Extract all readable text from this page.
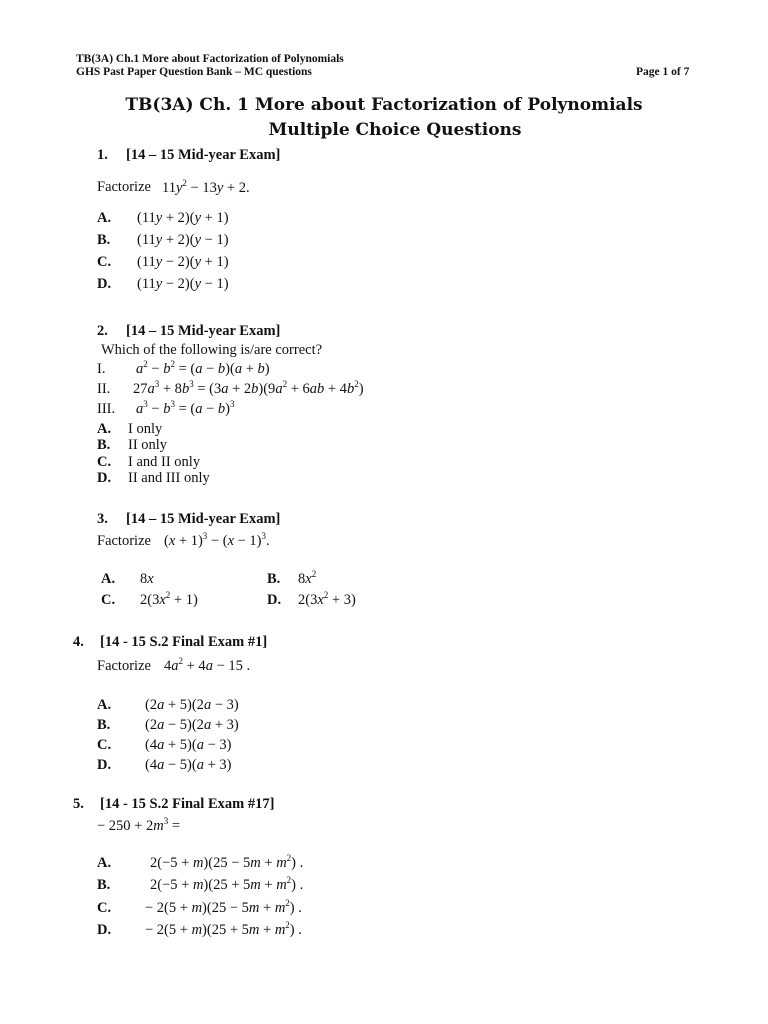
TB(3A) Ch.1 More about Factorization of Polynomials
GHS Past Paper Question Bank – MC questions	Page 1 of 7
TB(3A) Ch. 1 More about Factorization of Polynomials
Multiple Choice Questions
1. [14 – 15 Mid-year Exam]
Factorize $11y^2 - 13y + 2$.
A. (11y + 2)(y + 1)
B. (11y + 2)(y − 1)
C. (11y − 2)(y + 1)
D. (11y − 2)(y − 1)
2. [14 – 15 Mid-year Exam]
Which of the following is/are correct?
I. $a^2 - b^2 = (a - b)(a + b)$
II. $27a^3 + 8b^3 = (3a + 2b)(9a^2 + 6ab + 4b^2)$
III. $a^3 - b^3 = (a - b)^3$
A. I only
B. II only
C. I and II only
D. II and III only
3. [14 – 15 Mid-year Exam]
Factorize $(x + 1)^3 - (x - 1)^3$.
A. 8x	B. $8x^2$
C. $2(3x^2 + 1)$	D. $2(3x^2 + 3)$
4. [14 - 15 S.2 Final Exam #1]
Factorize $4a^2 + 4a - 15$ .
A. (2a + 5)(2a − 3)
B. (2a − 5)(2a + 3)
C. (4a + 5)(a − 3)
D. (4a − 5)(a + 3)
5. [14 - 15 S.2 Final Exam #17]
− $250 + 2m^3$ =
A.	$2(-5 + m)(25 - 5m + m^2)$ .
B.	$2(-5 + m)(25 + 5m + m^2)$ .
C. − $2(5 + m)(25 - 5m + m^2)$ .
D. − $2(5 + m)(25 + 5m + m^2)$ .
